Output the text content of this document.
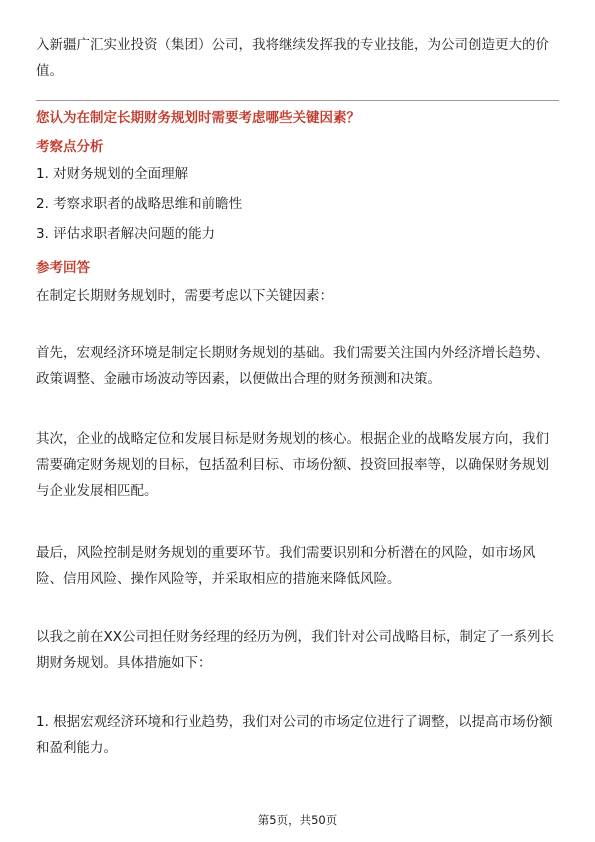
入新疆广汇实业投资（集团）公司，我将继续发挥我的专业技能，为公司创造更大的价值。

您认为在制定长期财务规划时需要考虑哪些关键因素？
考察点分析

1. 对财务规划的全面理解

2. 考察求职者的战略思维和前瞻性

3. 评估求职者解决问题的能力

参考回答

在制定长期财务规划时，需要考虑以下关键因素：

首先，宏观经济环境是制定长期财务规划的基础。我们需要关注国内外经济增长趋势、政策调整、金融市场波动等因素，以便做出合理的财务预测和决策。

其次，企业的战略定位和发展目标是财务规划的核心。根据企业的战略发展方向，我们需要确定财务规划的目标，包括盈利目标、市场份额、投资回报率等，以确保财务规划与企业发展相匹配。

最后，风险控制是财务规划的重要环节。我们需要识别和分析潜在的风险，如市场风险、信用风险、操作风险等，并采取相应的措施来降低风险。

以我之前在XX公司担任财务经理的经历为例，我们针对公司战略目标，制定了一系列长期财务规划。具体措施如下：

1. 根据宏观经济环境和行业趋势，我们对公司的市场定位进行了调整，以提高市场份额和盈利能力。

第5页，共50页
